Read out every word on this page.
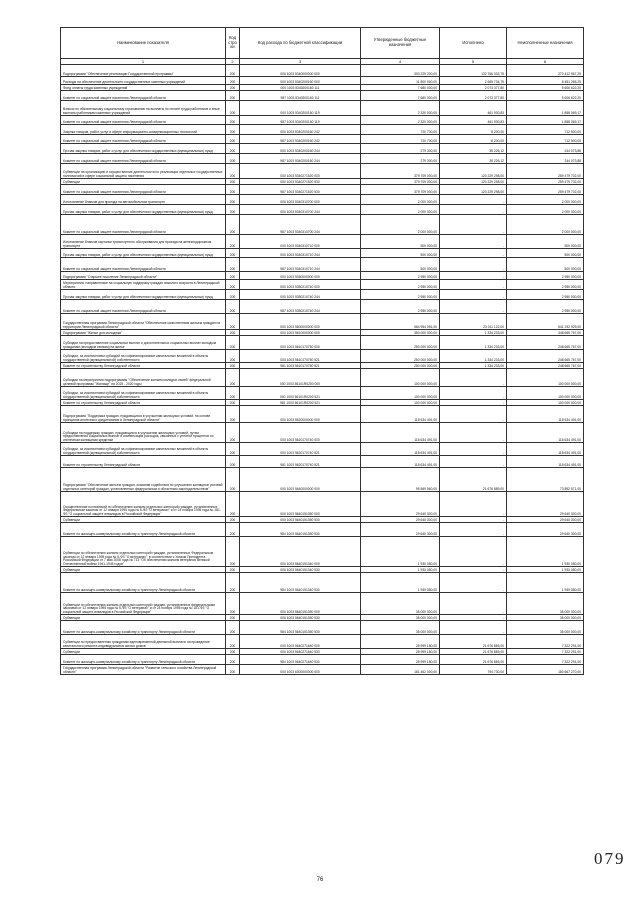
Наименование показателя	Код стро ки	Код расхода по бюджетной классификации	Утвержденные бюджетные назначения	Исполнено	Неисполненные назначения
1	2	3	4	5	6
Подпрограмма "Обеспечение реализации Государственной программы"	200	000 1003 5340000000 000	303 229 200,00	132 766 032,75	270 412 967,25
Расходы на обеспечение деятельности государственных казенных учреждений	200	000 1003 5340200160 000	11 800 000,00	2 669 734,75	8 451 265,25
Фонд оплаты труда казенных учреждений	200	000 1003 5340200160 111	7 680 000,00	2 073 377,80	5 606 622,20
Комитет по социальной защите населения Ленинградской области	200	987 1003 5340200160 111	7 680 000,00	2 073 377,80	5 606 622,20
Взносы по обязательному социальному страхованию на выплаты по оплате труда работников и иные выплаты работникам казенных учреждений	200	000 1003 5340200160 119	2 320 000,00	461 930,83	1 858 069,17
Комитет по социальной защите населения Ленинградской области	200	987 1003 5340200160 119	2 320 000,00	461 930,83	1 858 069,17
Закупка товаров, работ, услуг в сфере информационно-коммуникационных технологий	200	000 1003 5340200160 242	720 700,00	8 200,00	712 500,00
Комитет по социальной защите населения Ленинградской области	200	987 1003 5340200160 242	720 700,00	8 200,00	712 500,00
Прочая закупка товаров, работ и услуг для обеспечения государственных (муниципальных) нужд	200	000 1003 5340200160 244	279 300,00	35 226,12	244 073,88
Комитет по социальной защите населения Ленинградской области	200	987 1003 5340200160 244	279 300,00	35 226,12	244 073,88
Субвенции на организацию и осуществление деятельности по реализации отдельных государственных полномочий в сфере социальной защиты населения	200	000 1003 5340271520 000	379 709 000,00	120 229 298,00	259 479 702,00
Субвенции	200	000 1003 5340271520 530	379 709 000,00	120 229 298,00	259 479 702,00
Комитет по социальной защите населения Ленинградской области	200	987 1003 5340271520 530	379 709 000,00	120 229 298,00	259 479 702,00
Изготовление бланков для проезда на автомобильном транспорте	200	000 1003 5340310700 000	2 000 000,00	-	2 000 000,00
Прочая закупка товаров, работ и услуг для обеспечения государственных (муниципальных) нужд	200	000 1003 5340310700 244	2 000 000,00	-	2 000 000,00
Комитет по социальной защите населения Ленинградской области	200	987 1003 5340310700 244	2 000 000,00	-	2 000 000,00
Изготовление бланков картонки транспортного обслуживания для проезда на железнодорожном транспорте	200	000 1003 5340310710 000	500 000,00	-	500 000,00
Прочая закупка товаров, работ и услуг для обеспечения государственных (муниципальных) нужд	200	000 1003 5340310710 244	500 000,00	-	500 000,00
Комитет по социальной защите населения Ленинградской области	200	987 1003 5340310710 244	500 000,00	-	500 000,00
Подпрограмма "Старшее поколение Ленинградской области"	200	000 1003 5350000000 000	2 950 000,00	-	2 950 000,00
Мероприятия, направленные на социальную поддержку граждан пожилого возраста в Ленинградской области	200	000 1003 5350210740 000	2 950 000,00	-	2 950 000,00
Прочая закупка товаров, работ и услуг для обеспечения государственных (муниципальных) нужд	200	000 1003 5350210740 244	2 950 000,00	-	2 950 000,00
Комитет по социальной защите населения Ленинградской области	200	987 1003 5350210740 244	2 950 000,00	-	2 950 000,00
Государственная программа Ленинградской области "Обеспечение качественным жильем граждан на территории Ленинградской области"	200	000 1003 5600000000 000	564 954 051,00	23 011 122,00	541 192 929,00
Подпрограмма "Жилье для молодежи"	200	000 1003 5610000000 000	350 000 000,00	1 334 233,00	348 665 767,00
Субсидии на предоставление социальных выплат и дополнительных социальных выплат молодым гражданам (молодым семьям) на жилье	200	000 1003 5610170750 000	250 000 000,00	1 334 233,00	248 665 767,00
Субсидии, за исключением субсидий на софинансирование капитальных вложений в объекты государственной (муниципальной) собственности	200	000 1003 5610170750 521	250 000 000,00	1 334 233,00	248 665 767,00
Комитет по строительству Ленинградской области	200	981 1003 5610170750 521	250 000 000,00	1 334 233,00	248 665 767,00
Субсидии на мероприятия подпрограммы "Обеспечение жильем молодых семей" федеральной целевой программы "Жилище" на 2015 - 2020 годы	200	000 1003 56101R0200 000	100 000 000,00	-	100 000 000,00
Субсидии, за исключением субсидий на софинансирование капитальных вложений в объекты государственной (муниципальной) собственности	200	000 1003 56101R0200 521	100 000 000,00	-	100 000 000,00
Комитет по строительству Ленинградской области	200	981 1003 56101R0200 521	100 000 000,00	-	100 000 000,00
Подпрограмма "Поддержка граждан, нуждающихся в улучшении жилищных условий, на основе принципов ипотечного кредитования в Ленинградской области"	200	000 1003 5620000000 000	118 634 491,00	-	118 634 491,00
Субсидии на поддержку граждан, нуждающихся в улучшении жилищных условий, путем предоставления социальных выплат и компенсации расходов, связанных с уплатой процентов по ипотечным жилищным кредитам	200	000 1003 5620170740 000	118 634 491,00	-	118 634 491,00
Субсидии, за исключением субсидий на софинансирование капитальных вложений в объекты государственной (муниципальной) собственности	200	000 1003 5620170740 521	118 634 491,00	-	118 634 491,00
Комитет по строительству Ленинградской области	200	981 1003 5620170740 521	118 634 491,00	-	118 634 491,00
Подпрограмма "Обеспечение жильем граждан, оказание содействия по улучшению жилищных условий отдельных категорий граждан, установленных федеральным и областным законодательством"	200	000 1003 5640000000 000	95 569 560,00	21 676 889,00	73 892 571,00
Осуществление полномочий по обеспечению жильем отдельных категорий граждан, установленных Федеральным законом от 12 января 1995 года № 5-ФЗ "О ветеранах" и от 24 ноября 1995 года № 181-ФЗ "О социальной защите инвалидов в Российской Федерации"	200	000 1003 5640151350 000	29 640 300,00	-	29 640 300,00
Субвенции	200	000 1003 5640151350 530	29 640 300,00	-	29 640 300,00
Комитет по жилищно-коммунальному хозяйству и транспорту Ленинградской области	200	984 1003 5640151350 530	29 640 300,00	-	29 640 300,00
Субвенции по обеспечению жильем отдельных категорий граждан, установленных Федеральным законом от 12 января 1995 года № 5-ФЗ "О ветеранах", в соответствии с Указом Президента Российской Федерации от 7 мая 2008 года № 714 "Об обеспечении жильем ветеранов Великой Отечественной войны 1941-1945 годов"	200	000 1003 5640151340 000	1 930 080,00	-	1 930 080,00
Субвенции	200	000 1003 5640151340 530	1 930 080,00	-	1 930 080,00
Комитет по жилищно-коммунальному хозяйству и транспорту Ленинградской области	200	984 1003 5640151340 530	1 930 080,00	-	1 930 080,00
Субвенции по обеспечению жильем отдельных категорий граждан, установленных федеральными законами от 12 января 1995 года № 5-ФЗ "О ветеранах" и от 24 ноября 1995 года № 181-ФЗ "О социальной защите инвалидов в Российской Федерации"	200	000 1003 5640151350 000	35 000 000,00	-	35 000 000,00
Субвенции	200	000 1003 5640151350 530	35 000 000,00	-	35 000 000,00
Комитет по жилищно-коммунальному хозяйству и транспорту Ленинградской области	200	984 1003 5640151350 530	35 000 000,00	-	35 000 000,00
Субвенции по предоставлению гражданам единовременной денежной выплаты на проведение капитального ремонта индивидуальных жилых домов	200	000 1003 5640271640 000	28 999 180,00	21 676 889,00	7 322 291,00
Субвенции	200	000 1003 5640271640 530	28 999 180,00	21 676 889,00	7 322 291,00
Комитет по жилищно-коммунальному хозяйству и транспорту Ленинградской области	200	984 1003 5640271640 530	28 999 180,00	21 676 889,00	7 322 291,00
Государственная программа Ленинградской области "Развитие сельского хозяйства Ленинградской области"	200	000 1003 6300000000 000	181 462 000,00	794 730,00	180 667 270,00
079
76
